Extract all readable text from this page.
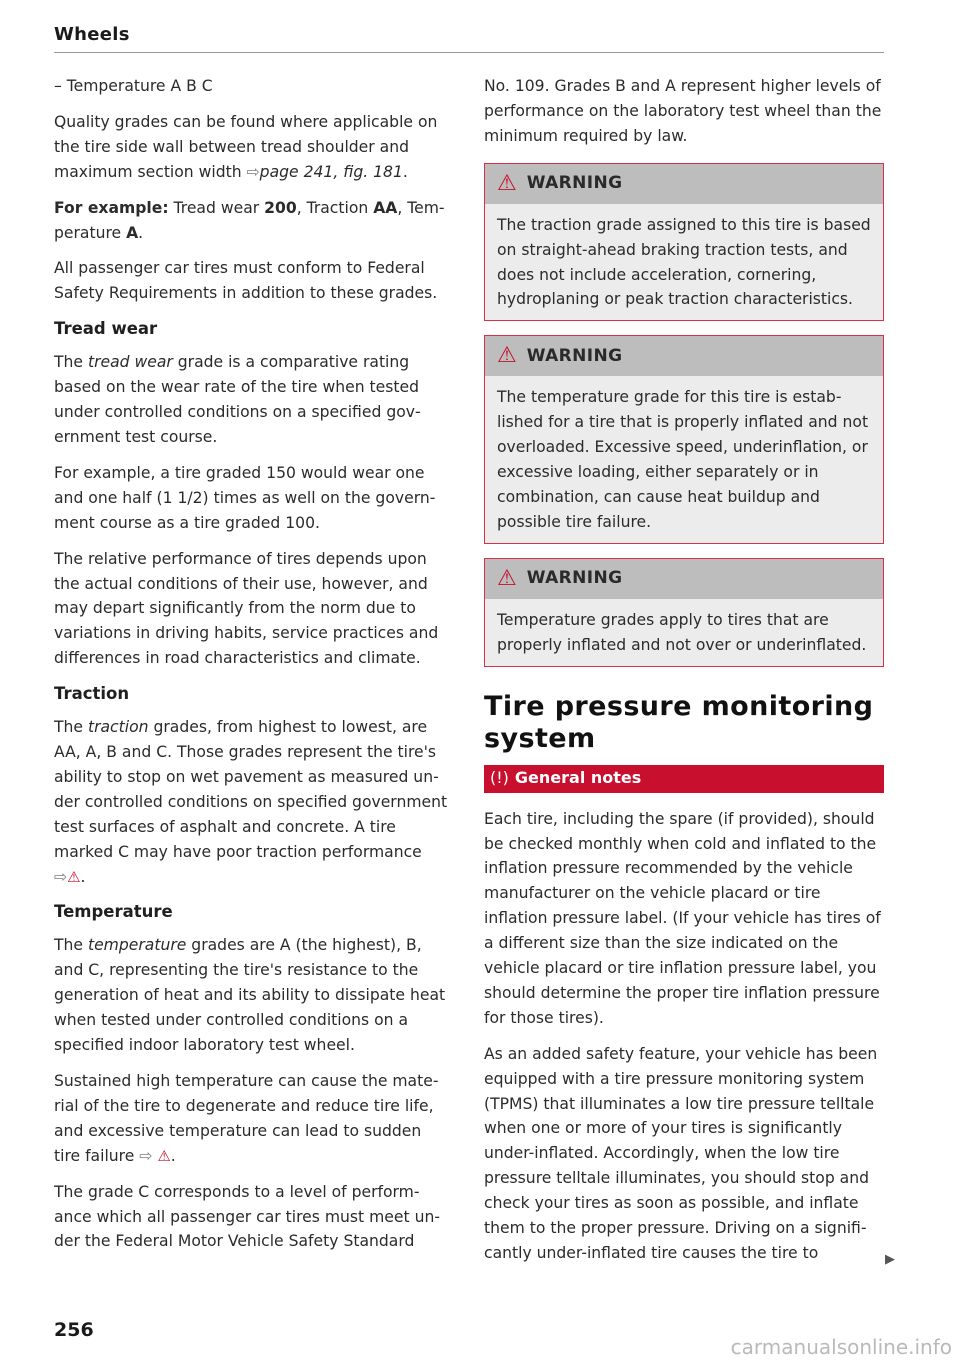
Wheels

– Temperature A B C

Quality grades can be found where applicable on the tire side wall between tread shoulder and maximum section width ⇨page 241, fig. 181.

For example: Tread wear 200, Traction AA, Temperature A.

All passenger car tires must conform to Federal Safety Requirements in addition to these grades.

Tread wear

The tread wear grade is a comparative rating based on the wear rate of the tire when tested under controlled conditions on a specified government test course.

For example, a tire graded 150 would wear one and one half (1 1/2) times as well on the government course as a tire graded 100.

The relative performance of tires depends upon the actual conditions of their use, however, and may depart significantly from the norm due to variations in driving habits, service practices and differences in road characteristics and climate.

Traction

The traction grades, from highest to lowest, are AA, A, B and C. Those grades represent the tire's ability to stop on wet pavement as measured under controlled conditions on specified government test surfaces of asphalt and concrete. A tire marked C may have poor traction performance ⇨⚠.

Temperature

The temperature grades are A (the highest), B, and C, representing the tire's resistance to the generation of heat and its ability to dissipate heat when tested under controlled conditions on a specified indoor laboratory test wheel.

Sustained high temperature can cause the material of the tire to degenerate and reduce tire life, and excessive temperature can lead to sudden tire failure ⇨ ⚠.

The grade C corresponds to a level of performance which all passenger car tires must meet under the Federal Motor Vehicle Safety Standard

No. 109. Grades B and A represent higher levels of performance on the laboratory test wheel than the minimum required by law.

⚠ WARNING
The traction grade assigned to this tire is based on straight-ahead braking traction tests, and does not include acceleration, cornering, hydroplaning or peak traction characteristics.
⚠ WARNING
The temperature grade for this tire is established for a tire that is properly inflated and not overloaded. Excessive speed, underinflation, or excessive loading, either separately or in combination, can cause heat buildup and possible tire failure.
⚠ WARNING
Temperature grades apply to tires that are properly inflated and not over or underinflated.
Tire pressure monitoring system
(!) General notes

Each tire, including the spare (if provided), should be checked monthly when cold and inflated to the inflation pressure recommended by the vehicle manufacturer on the vehicle placard or tire inflation pressure label. (If your vehicle has tires of a different size than the size indicated on the vehicle placard or tire inflation pressure label, you should determine the proper tire inflation pressure for those tires).

As an added safety feature, your vehicle has been equipped with a tire pressure monitoring system (TPMS) that illuminates a low tire pressure telltale when one or more of your tires is significantly under-inflated. Accordingly, when the low tire pressure telltale illuminates, you should stop and check your tires as soon as possible, and inflate them to the proper pressure. Driving on a significantly under-inflated tire causes the tire to	▶
256
carmanualsonline.info
